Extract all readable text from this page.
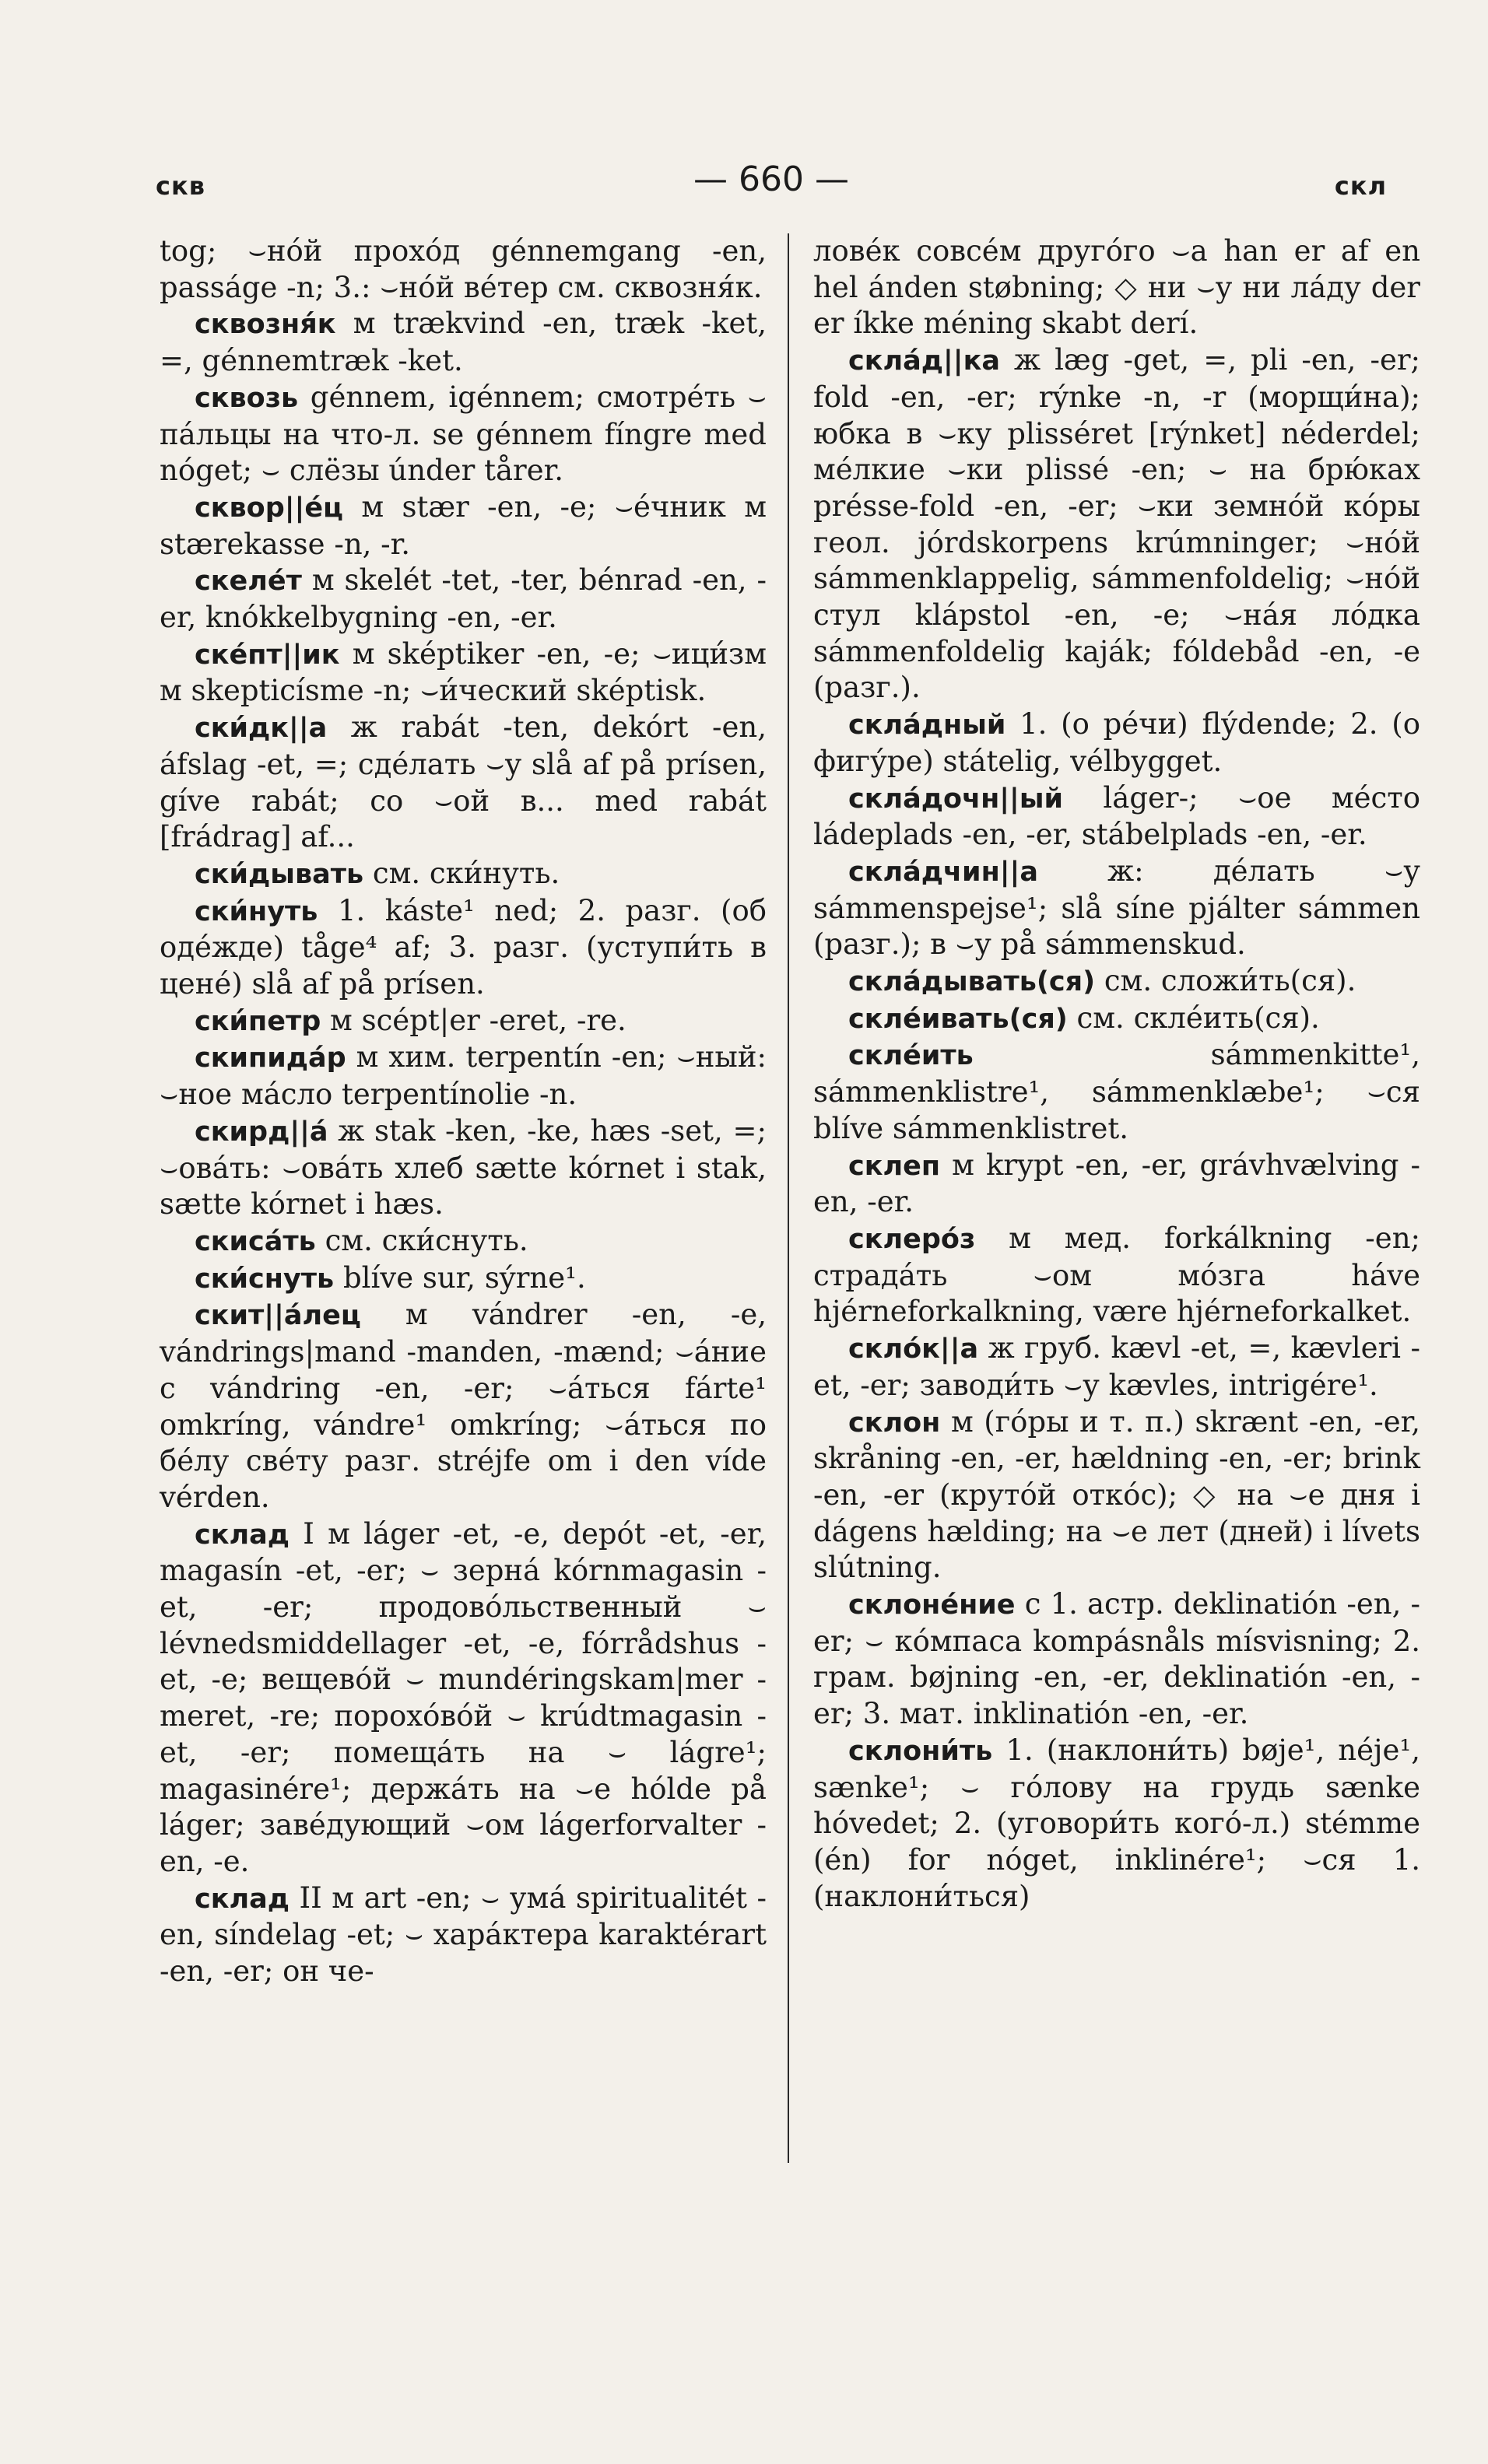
скв	— 660 —	скл

tog; ⌣нóй прохóд génnemgang -en, passáge -n; 3.: ⌣нóй вéтер см. сквозня́к.

сквозня́к м trækvind -en, træk -ket, =, génnemtræk -ket.

сквозь génnem, igénnem; смотрéть ⌣ пáльцы на что-л. se génnem fíngre med nóget; ⌣ слёзы únder tårer.

сквор||éц м stær -en, -e; ⌣éчник м stærekasse -n, -r.

скелéт м skelét -tet, -ter, bénrad -en, -er, knókkelbygning -en, -er.

скéпт||ик м sképtiker -en, -e; ⌣ици́зм м skepticísme -n; ⌣и́ческий sképtisk.

ски́дк||а ж rabát -ten, dekórt -en, áfslag -et, =; сдéлать ⌣у slå af på prísen, gíve rabát; со ⌣ой в... med rabát [frádrag] af...

ски́дывать см. ски́нуть.

ски́нуть 1. káste¹ ned; 2. разг. (об одéжде) tåge⁴ af; 3. разг. (уступи́ть в цене́) slå af på prísen.

ски́петр м scépt|er -eret, -re.

скипидáр м хим. terpentín -en; ⌣ный: ⌣ное мáсло terpentínolie -n.

скирд||á ж stak -ken, -ke, hæs -set, =; ⌣овáть: ⌣овáть хлеб sætte kórnet i stak, sætte kórnet i hæs.

скисáть см. ски́снуть.

ски́снуть blíve sur, sýrne¹.

скит||áлец м vándrer -en, -e, vándrings|mand -manden, -mænd; ⌣áние с vándring -en, -er; ⌣áться fárte¹ omkríng, vándre¹ omkríng; ⌣áться по бéлу свéту разг. stréjfe om i den víde vérden.

склад I м láger -et, -e, depót -et, -er, magasín -et, -er; ⌣ зерна́ kórnmagasin -et, -er; продовóльственный ⌣ lévnedsmiddellager -et, -e, fórrådshus -et, -e; вещевóй ⌣ mundéringskam|mer -meret, -re; порохóвóй ⌣ krúdtmagasin -et, -er; помещáть на ⌣ lágre¹; magasinére¹; держáть на ⌣е hólde på láger; завéдующий ⌣ом lágerforvalter -en, -e.

склад II м art -en; ⌣ умá spiritualitét -en, síndelag -et; ⌣ харáктера karaktérart -en, -er; он че-

ловéк совсéм другóго ⌣а han er af en hel ánden støbning; ◇ ни ⌣у ни лáду der er íkke méning skabt derí.

склáд||ка ж læg -get, =, pli -en, -er; fold -en, -er; rýnke -n, -r (морщи́на); юбка в ⌣ку plisséret [rýnket] néderdel; мéлкие ⌣ки plissé -en; ⌣ на брю́ках présse-fold -en, -er; ⌣ки земнóй кóры геол. jórdskorpens krúmninger; ⌣нóй sámmenklappelig, sámmenfoldelig; ⌣нóй стул klápstol -en, -e; ⌣нáя лóдка sámmenfoldelig kaják; fóldebåd -en, -e (разг.).

склáдный 1. (о рéчи) flýdende; 2. (о фигу́ре) státelig, vélbygget.

склáдочн||ый láger-; ⌣ое мéсто ládeplads -en, -er, stábelplads -en, -er.

склáдчин||а ж: дéлать ⌣у sámmenspejse¹; slå síne pjálter sámmen (разг.); в ⌣у på sámmenskud.

склáдывать(ся) см. сложи́ть(ся).

склéивать(ся) см. склéить(ся).

склéить sámmenkitte¹, sámmenklistre¹, sámmenklæbe¹; ⌣ся blíve sámmenklistret.

склеп м krypt -en, -er, grávhvælving -en, -er.

склерóз м мед. forkálkning -en; страдáть ⌣ом мóзга háve hjérneforkalkning, være hjérneforkalket.

склóк||а ж груб. kævl -et, =, kævleri -et, -er; заводи́ть ⌣у kævles, intrigére¹.

склон м (гóры и т. п.) skrænt -en, -er, skråning -en, -er, hældning -en, -er; brink -en, -er (крутóй откóс); ◇ на ⌣е дня i dágens hælding; на ⌣е лет (дней) i lívets slútning.

склонéние с 1. астр. deklinatión -en, -er; ⌣ кóмпаса kompásnåls mísvisning; 2. грам. bøjning -en, -er, deklinatión -en, -er; 3. мат. inklinatión -en, -er.

склони́ть 1. (наклони́ть) bøje¹, néje¹, sænke¹; ⌣ гóлову на грудь sænke hóvedet; 2. (уговори́ть когó-л.) stémme (én) for nóget, inklinére¹; ⌣ся 1. (наклони́ться)
